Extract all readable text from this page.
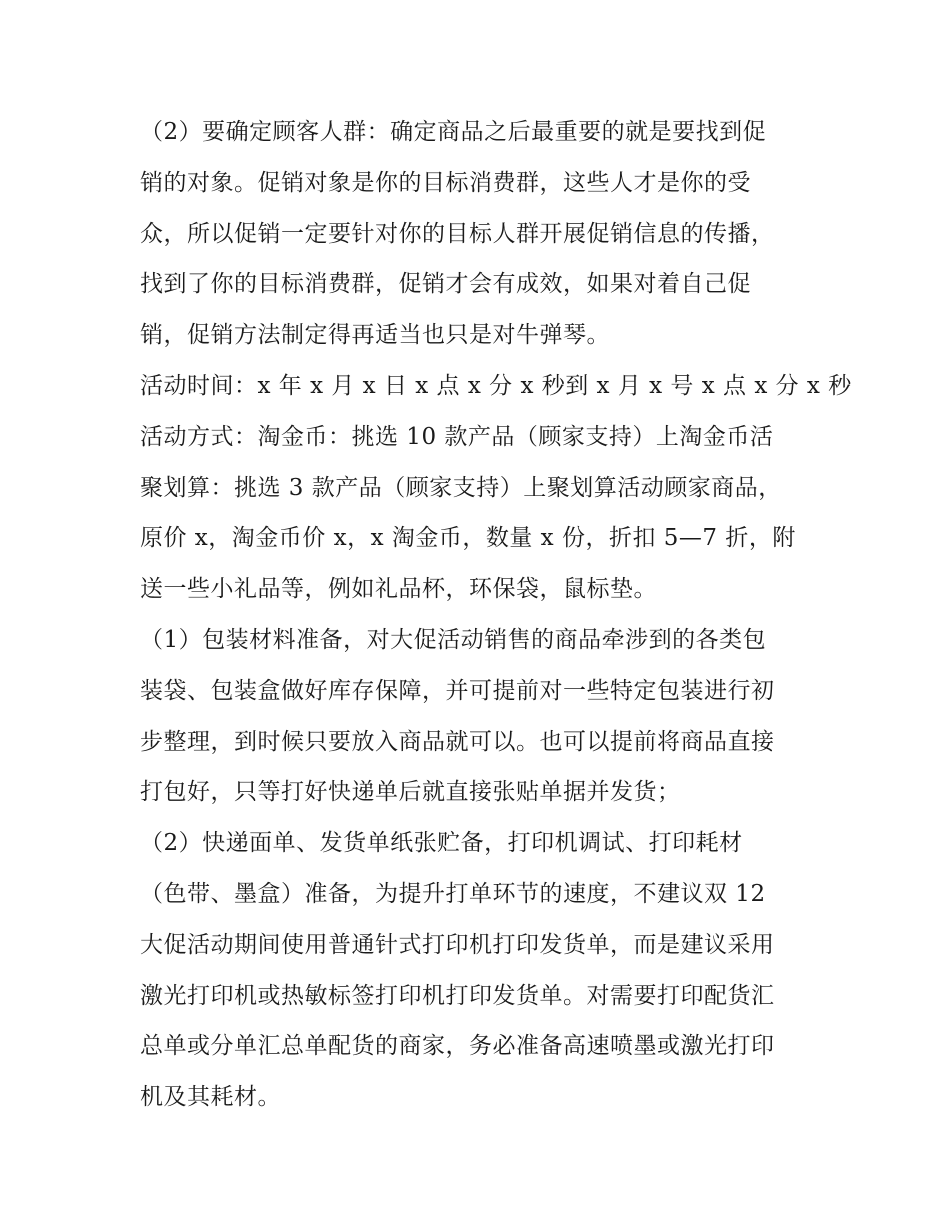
（2）要确定顾客人群：确定商品之后最重要的就是要找到促
销的对象。促销对象是你的目标消费群，这些人才是你的受
众，所以促销一定要针对你的目标人群开展促销信息的传播，
找到了你的目标消费群，促销才会有成效，如果对着自己促
销，促销方法制定得再适当也只是对牛弹琴。
活动时间：x 年 x 月 x 日 x 点 x 分 x 秒到 x 月 x 号 x 点 x 分 x 秒
活动方式：淘金币：挑选 10 款产品（顾家支持）上淘金币活
聚划算：挑选 3 款产品（顾家支持）上聚划算活动顾家商品，
原价 x，淘金币价 x，x 淘金币，数量 x 份，折扣 5—7 折，附
送一些小礼品等，例如礼品杯，环保袋，鼠标垫。
（1）包装材料准备，对大促活动销售的商品牵涉到的各类包
装袋、包装盒做好库存保障，并可提前对一些特定包装进行初
步整理，到时候只要放入商品就可以。也可以提前将商品直接
打包好，只等打好快递单后就直接张贴单据并发货；
（2）快递面单、发货单纸张贮备，打印机调试、打印耗材
（色带、墨盒）准备，为提升打单环节的速度，不建议双 12
大促活动期间使用普通针式打印机打印发货单，而是建议采用
激光打印机或热敏标签打印机打印发货单。对需要打印配货汇
总单或分单汇总单配货的商家，务必准备高速喷墨或激光打印
机及其耗材。
